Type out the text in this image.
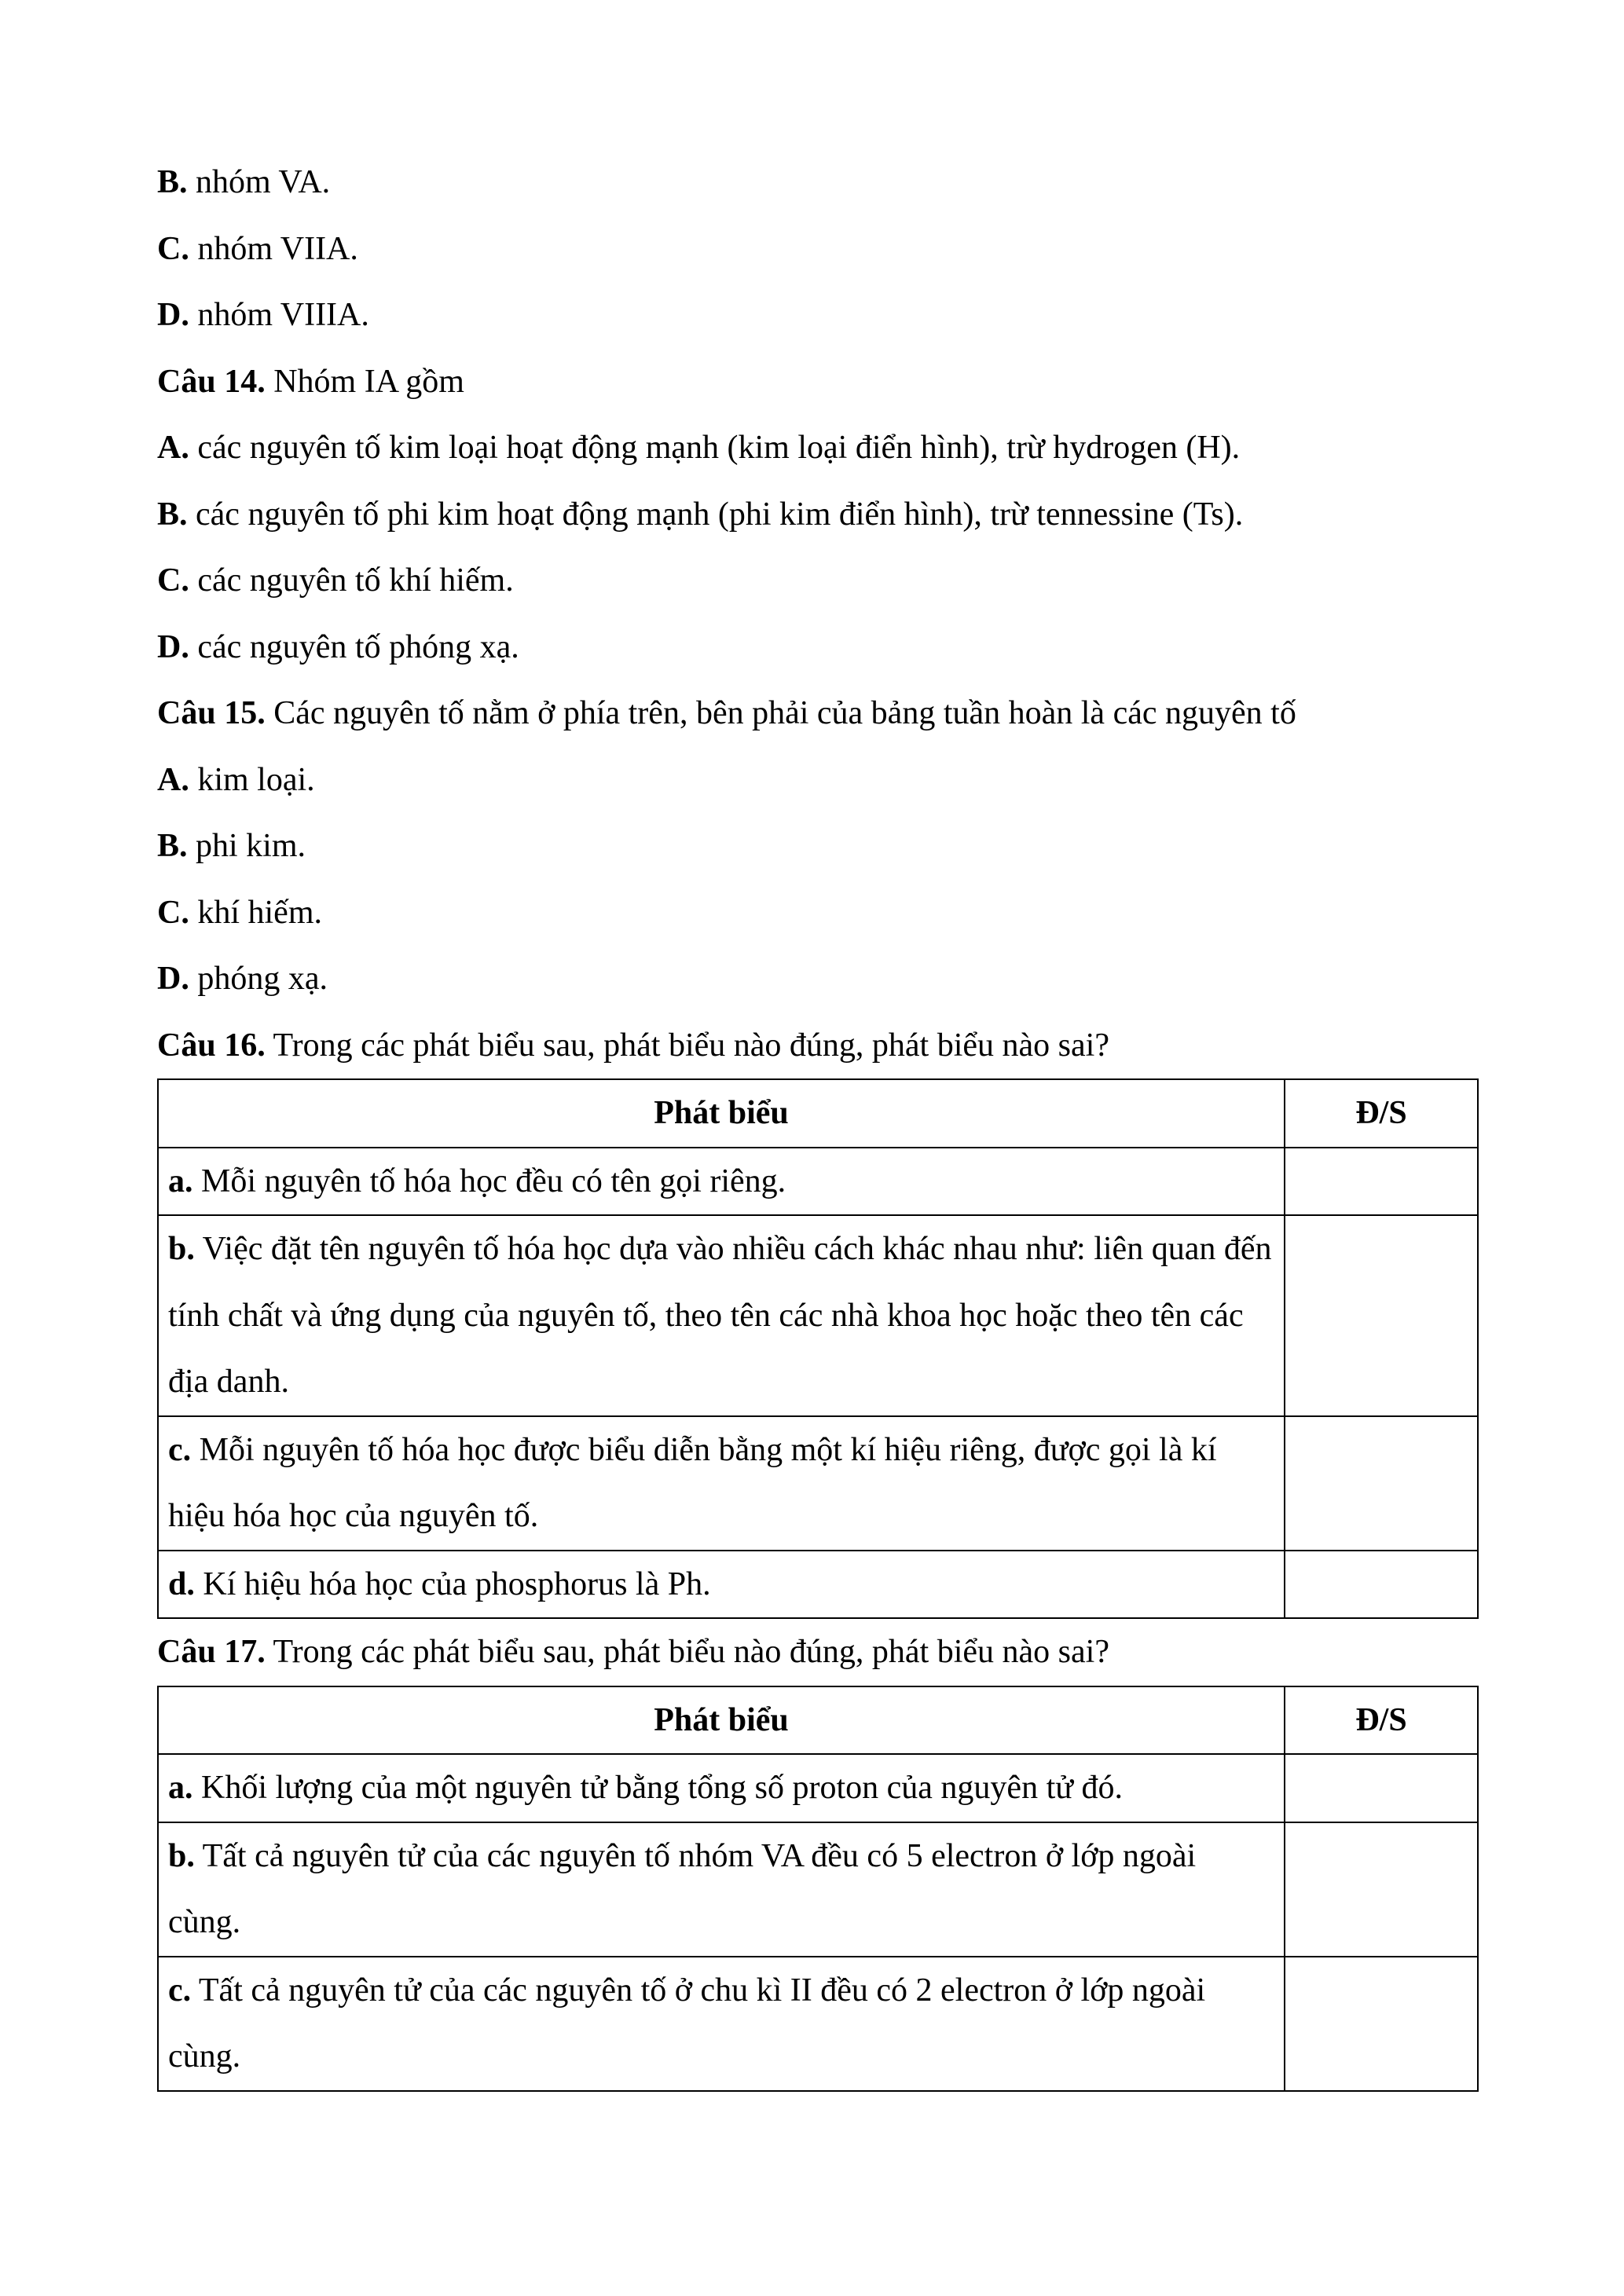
B. nhóm VA.
C. nhóm VIIA.
D. nhóm VIIIA.
Câu 14. Nhóm IA gồm
A. các nguyên tố kim loại hoạt động mạnh (kim loại điển hình), trừ hydrogen (H).
B. các nguyên tố phi kim hoạt động mạnh (phi kim điển hình), trừ tennessine (Ts).
C. các nguyên tố khí hiếm.
D. các nguyên tố phóng xạ.
Câu 15. Các nguyên tố nằm ở phía trên, bên phải của bảng tuần hoàn là các nguyên tố
A. kim loại.
B. phi kim.
C. khí hiếm.
D. phóng xạ.
Câu 16. Trong các phát biểu sau, phát biểu nào đúng, phát biểu nào sai?
Phát biểu	Đ/S
a. Mỗi nguyên tố hóa học đều có tên gọi riêng.	
b. Việc đặt tên nguyên tố hóa học dựa vào nhiều cách khác nhau như: liên quan đến tính chất và ứng dụng của nguyên tố, theo tên các nhà khoa học hoặc theo tên các địa danh.	
c. Mỗi nguyên tố hóa học được biểu diễn bằng một kí hiệu riêng, được gọi là kí hiệu hóa học của nguyên tố.	
d. Kí hiệu hóa học của phosphorus là Ph.	
Câu 17. Trong các phát biểu sau, phát biểu nào đúng, phát biểu nào sai?
Phát biểu	Đ/S
a. Khối lượng của một nguyên tử bằng tổng số proton của nguyên tử đó.	
b. Tất cả nguyên tử của các nguyên tố nhóm VA đều có 5 electron ở lớp ngoài cùng.	
c. Tất cả nguyên tử của các nguyên tố ở chu kì II đều có 2 electron ở lớp ngoài cùng.	
